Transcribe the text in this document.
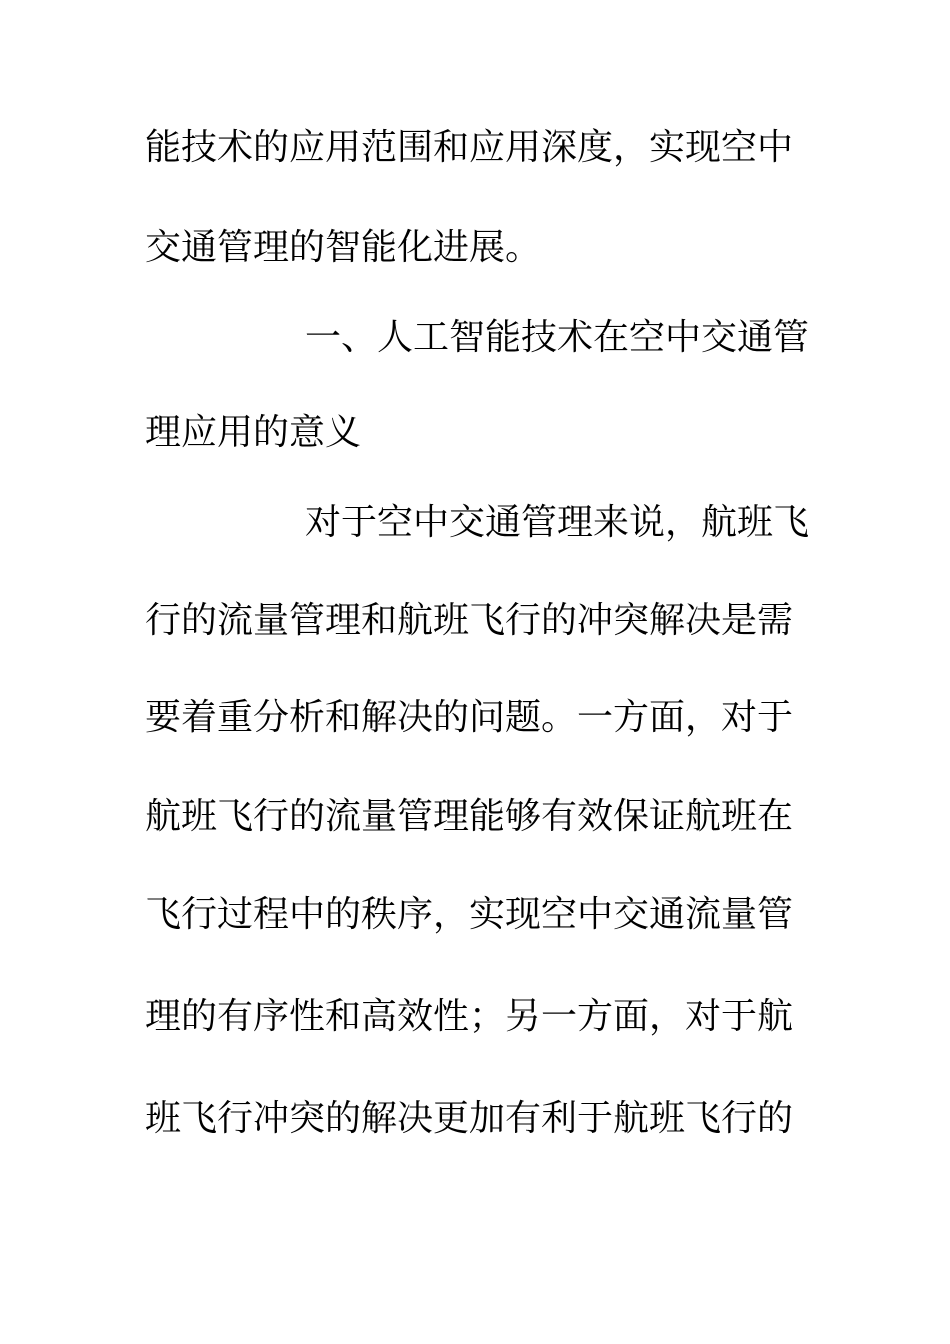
能技术的应用范围和应用深度，实现空中
交通管理的智能化进展。
一、人工智能技术在空中交通管
理应用的意义
对于空中交通管理来说，航班飞
行的流量管理和航班飞行的冲突解决是需
要着重分析和解决的问题。一方面，对于
航班飞行的流量管理能够有效保证航班在
飞行过程中的秩序，实现空中交通流量管
理的有序性和高效性；另一方面，对于航
班飞行冲突的解决更加有利于航班飞行的
